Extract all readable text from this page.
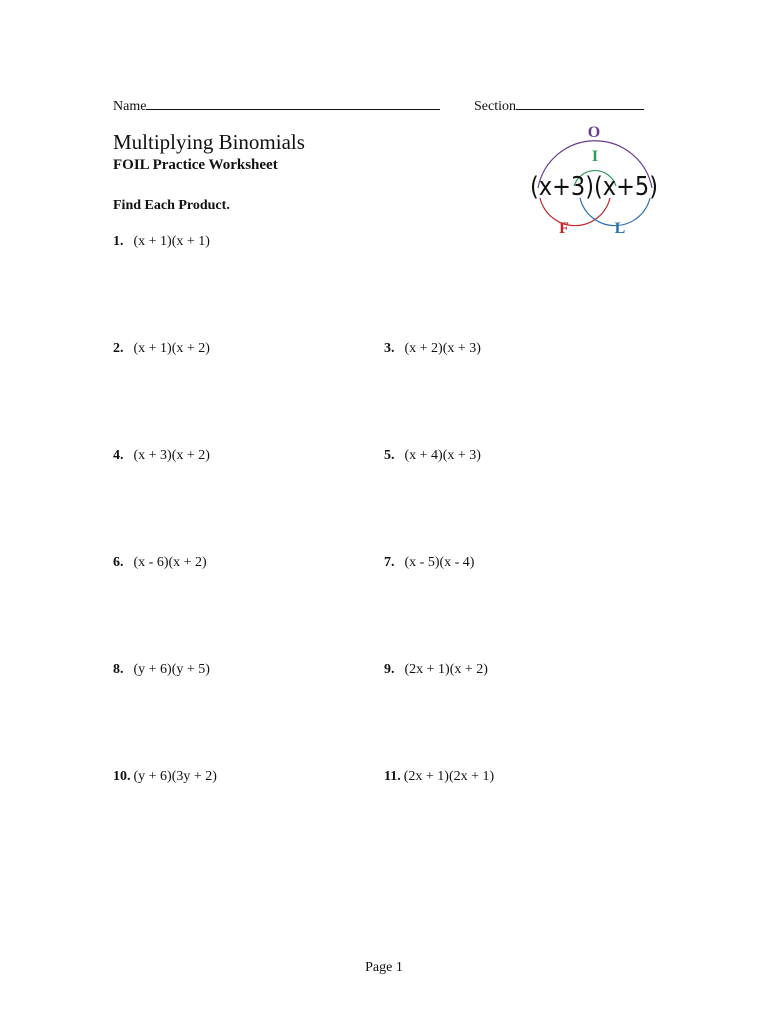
Name	Section
Multiplying Binomials
FOIL Practice Worksheet
Find Each Product.
O
I
(x+3)(x+5)
F	L
1. (x + 1)(x + 1)
2. (x + 1)(x + 2)	3. (x + 2)(x + 3)
4. (x + 3)(x + 2)	5. (x + 4)(x + 3)
6. (x - 6)(x + 2)	7. (x - 5)(x - 4)
8. (y + 6)(y + 5)	9. (2x + 1)(x + 2)
10. (y + 6)(3y + 2)	11. (2x + 1)(2x + 1)
Page 1
